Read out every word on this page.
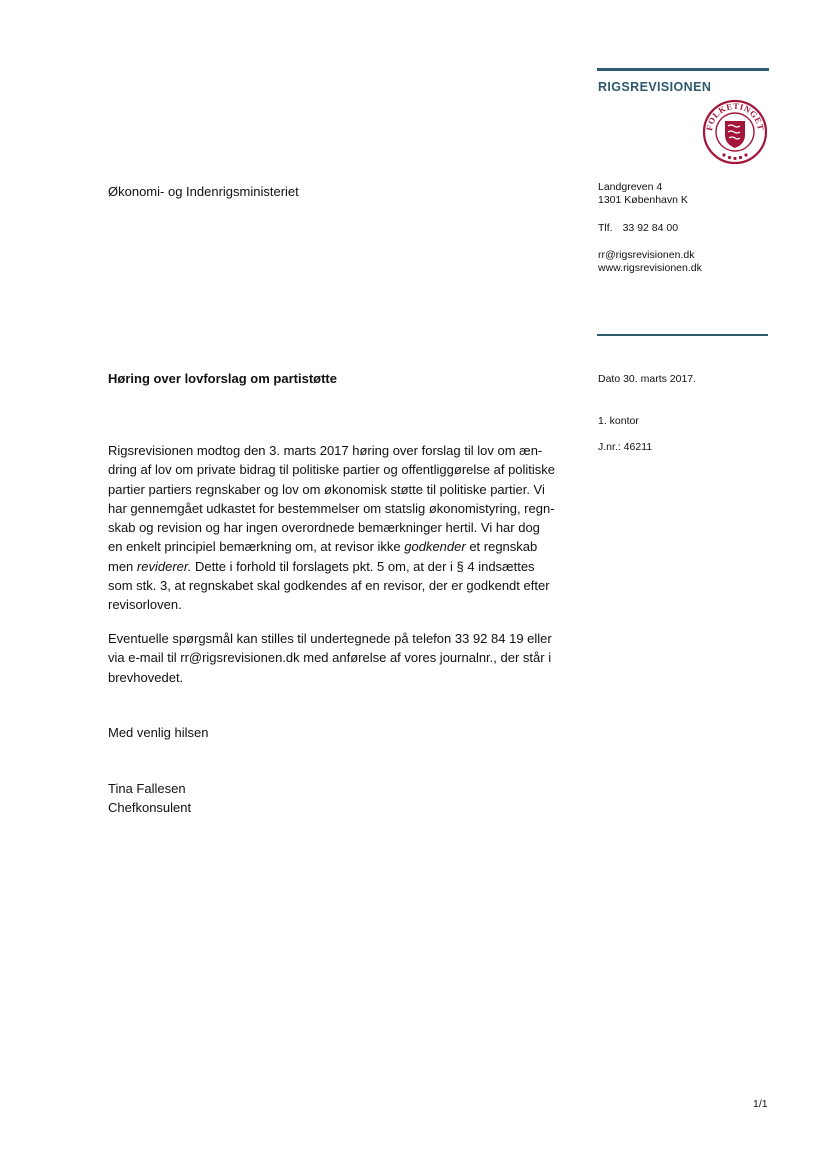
RIGSREVISIONEN
FOLKETINGET
Økonomi- og Indenrigsministeriet	Landgreven 4
1301 København K
Tlf. 33 92 84 00
rr@rigsrevisionen.dk
www.rigsrevisionen.dk
Dato 30. marts 2017.
1. kontor
J.nr.: 46211
Høring over lovforslag om partistøtte
Rigsrevisionen modtog den 3. marts 2017 høring over forslag til lov om æn-
dring af lov om private bidrag til politiske partier og offentliggørelse af politiske
partier partiers regnskaber og lov om økonomisk støtte til politiske partier. Vi
har gennemgået udkastet for bestemmelser om statslig økonomistyring, regn-
skab og revision og har ingen overordnede bemærkninger hertil. Vi har dog
en enkelt principiel bemærkning om, at revisor ikke godkender et regnskab
men reviderer. Dette i forhold til forslagets pkt. 5 om, at der i § 4 indsættes
som stk. 3, at regnskabet skal godkendes af en revisor, der er godkendt efter
revisorloven.
Eventuelle spørgsmål kan stilles til undertegnede på telefon 33 92 84 19 eller
via e-mail til rr@rigsrevisionen.dk med anførelse af vores journalnr., der står i
brevhovedet.
Med venlig hilsen
Tina Fallesen
Chefkonsulent
1/1
